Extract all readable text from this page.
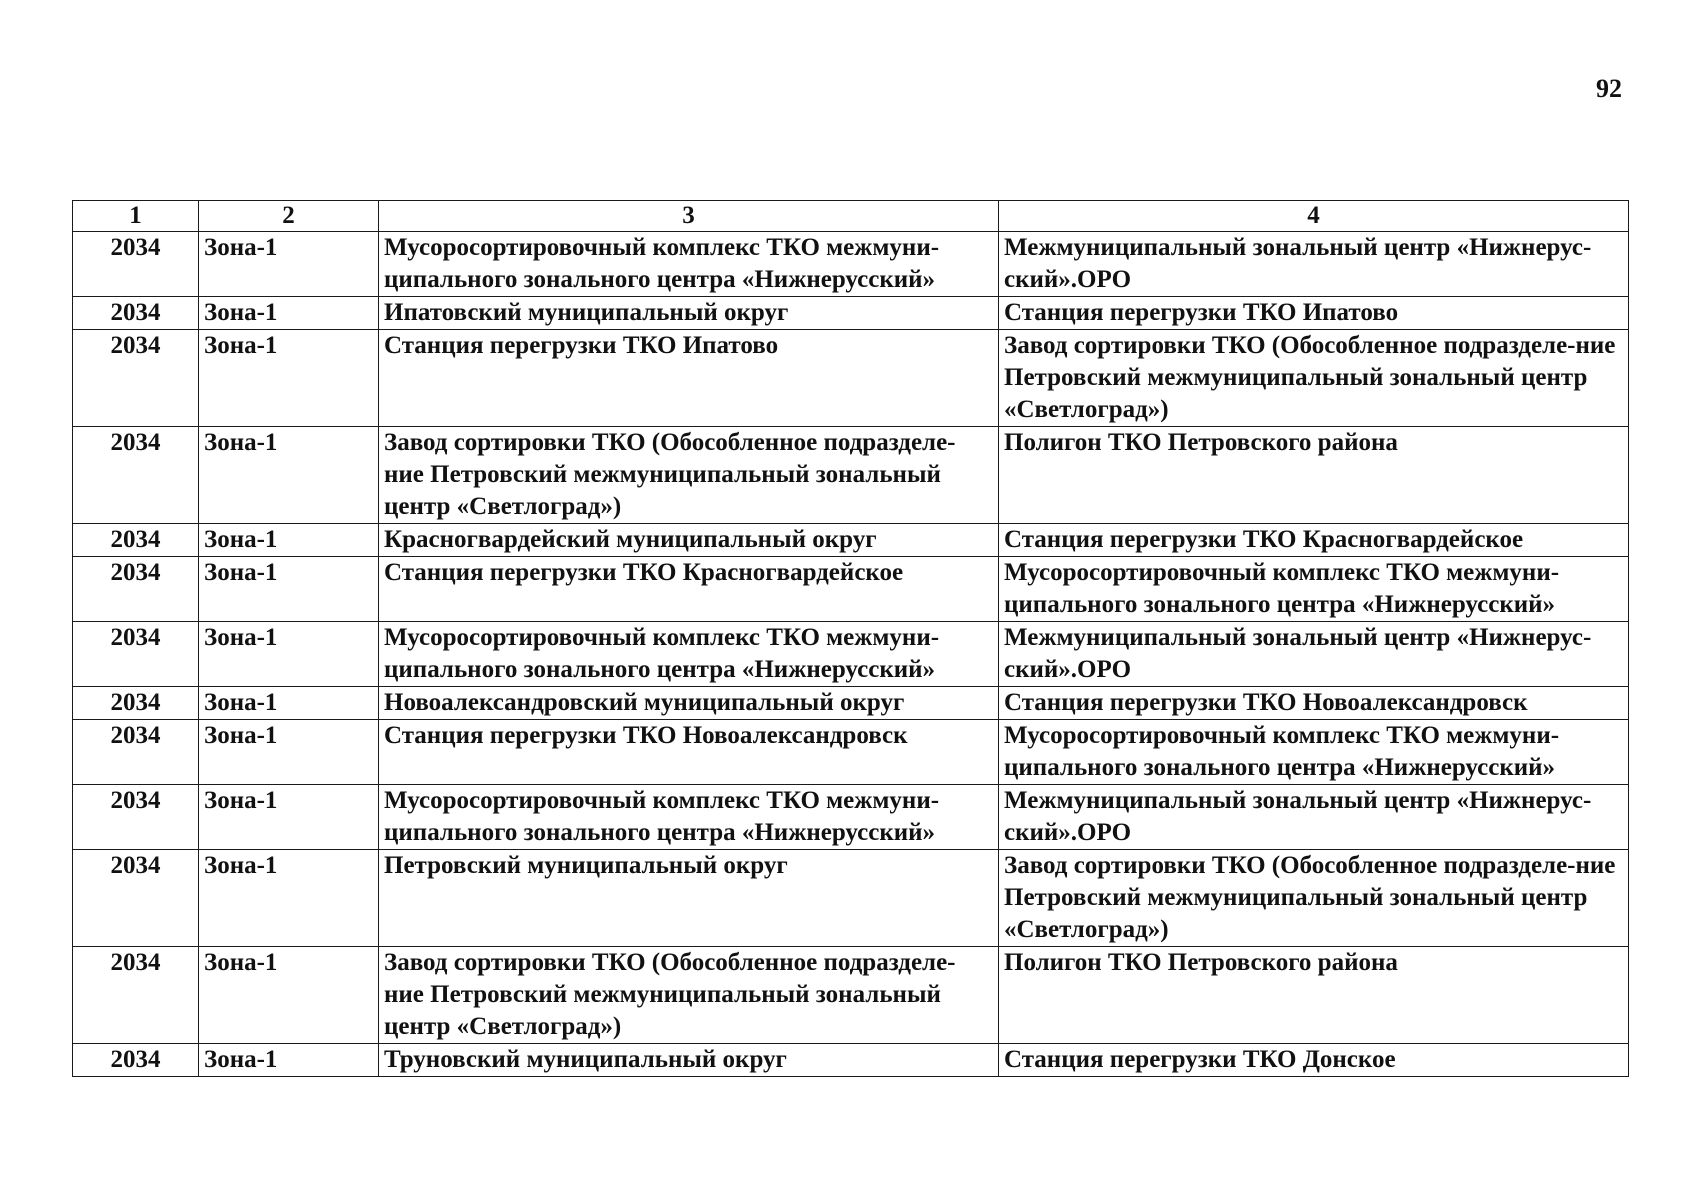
92
1	2	3	4
2034	Зона-1	Мусоросортировочный комплекс ТКО межмуни-ципального зонального центра «Нижнерусский»	Межмуниципальный зональный центр «Нижнерус-ский».ОРО
2034	Зона-1	Ипатовский муниципальный округ	Станция перегрузки ТКО Ипатово
2034	Зона-1	Станция перегрузки ТКО Ипатово	Завод сортировки ТКО (Обособленное подразделе-ние Петровский межмуниципальный зональный центр «Светлоград»)
2034	Зона-1	Завод сортировки ТКО (Обособленное подразделе-ние Петровский межмуниципальный зональный центр «Светлоград»)	Полигон ТКО Петровского района
2034	Зона-1	Красногвардейский муниципальный округ	Станция перегрузки ТКО Красногвардейское
2034	Зона-1	Станция перегрузки ТКО Красногвардейское	Мусоросортировочный комплекс ТКО межмуни-ципального зонального центра «Нижнерусский»
2034	Зона-1	Мусоросортировочный комплекс ТКО межмуни-ципального зонального центра «Нижнерусский»	Межмуниципальный зональный центр «Нижнерус-ский».ОРО
2034	Зона-1	Новоалександровский муниципальный округ	Станция перегрузки ТКО Новоалександровск
2034	Зона-1	Станция перегрузки ТКО Новоалександровск	Мусоросортировочный комплекс ТКО межмуни-ципального зонального центра «Нижнерусский»
2034	Зона-1	Мусоросортировочный комплекс ТКО межмуни-ципального зонального центра «Нижнерусский»	Межмуниципальный зональный центр «Нижнерус-ский».ОРО
2034	Зона-1	Петровский муниципальный округ	Завод сортировки ТКО (Обособленное подразделе-ние Петровский межмуниципальный зональный центр «Светлоград»)
2034	Зона-1	Завод сортировки ТКО (Обособленное подразделе-ние Петровский межмуниципальный зональный центр «Светлоград»)	Полигон ТКО Петровского района
2034	Зона-1	Труновский муниципальный округ	Станция перегрузки ТКО Донское
